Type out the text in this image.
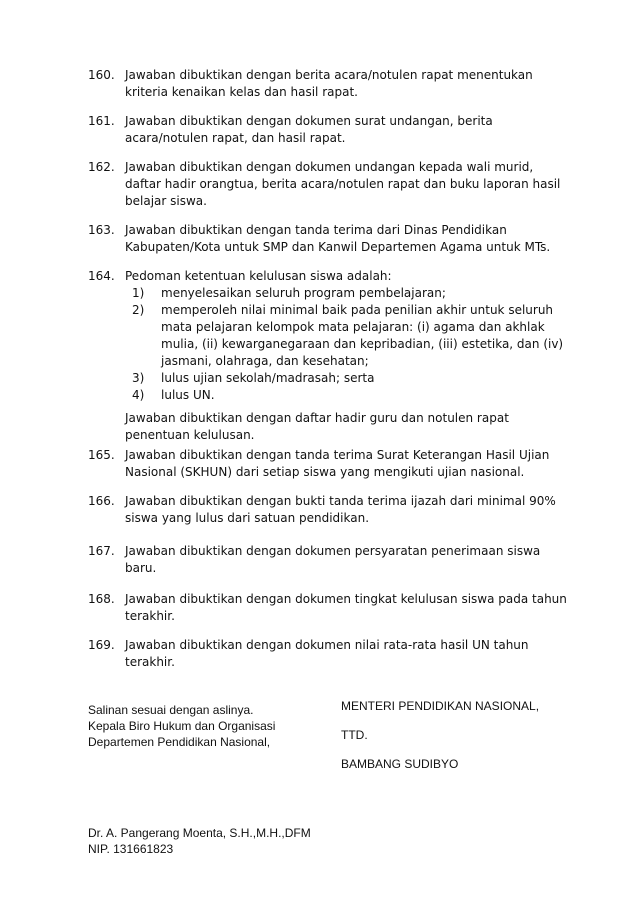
160. Jawaban dibuktikan dengan berita acara/notulen rapat menentukan kriteria kenaikan kelas dan hasil rapat.
161. Jawaban dibuktikan dengan dokumen surat undangan, berita acara/notulen rapat, dan hasil rapat.
162. Jawaban dibuktikan dengan dokumen undangan kepada wali murid, daftar hadir orangtua, berita acara/notulen rapat dan buku laporan hasil belajar siswa.
163. Jawaban dibuktikan dengan tanda terima dari Dinas Pendidikan Kabupaten/Kota untuk SMP dan Kanwil Departemen Agama untuk MTs.
164. Pedoman ketentuan kelulusan siswa adalah:
1) menyelesaikan seluruh program pembelajaran;
2) memperoleh nilai minimal baik pada penilian akhir untuk seluruh mata pelajaran kelompok mata pelajaran: (i) agama dan akhlak mulia, (ii) kewarganegaraan dan kepribadian, (iii) estetika, dan (iv) jasmani, olahraga, dan kesehatan;
3) lulus ujian sekolah/madrasah; serta
4) lulus UN.
Jawaban dibuktikan dengan daftar hadir guru dan notulen rapat penentuan kelulusan.
165. Jawaban dibuktikan dengan tanda terima Surat Keterangan Hasil Ujian Nasional (SKHUN) dari setiap siswa yang mengikuti ujian nasional.
166. Jawaban dibuktikan dengan bukti tanda terima ijazah dari minimal 90% siswa yang lulus dari satuan pendidikan.
167. Jawaban dibuktikan dengan dokumen persyaratan penerimaan siswa baru.
168. Jawaban dibuktikan dengan dokumen tingkat kelulusan siswa pada tahun terakhir.
169. Jawaban dibuktikan dengan dokumen nilai rata-rata hasil UN tahun terakhir.
Salinan sesuai dengan aslinya.
Kepala Biro Hukum dan Organisasi
Departemen Pendidikan Nasional,
MENTERI PENDIDIKAN NASIONAL,
TTD.
BAMBANG SUDIBYO
Dr. A. Pangerang Moenta, S.H.,M.H.,DFM
NIP. 131661823
